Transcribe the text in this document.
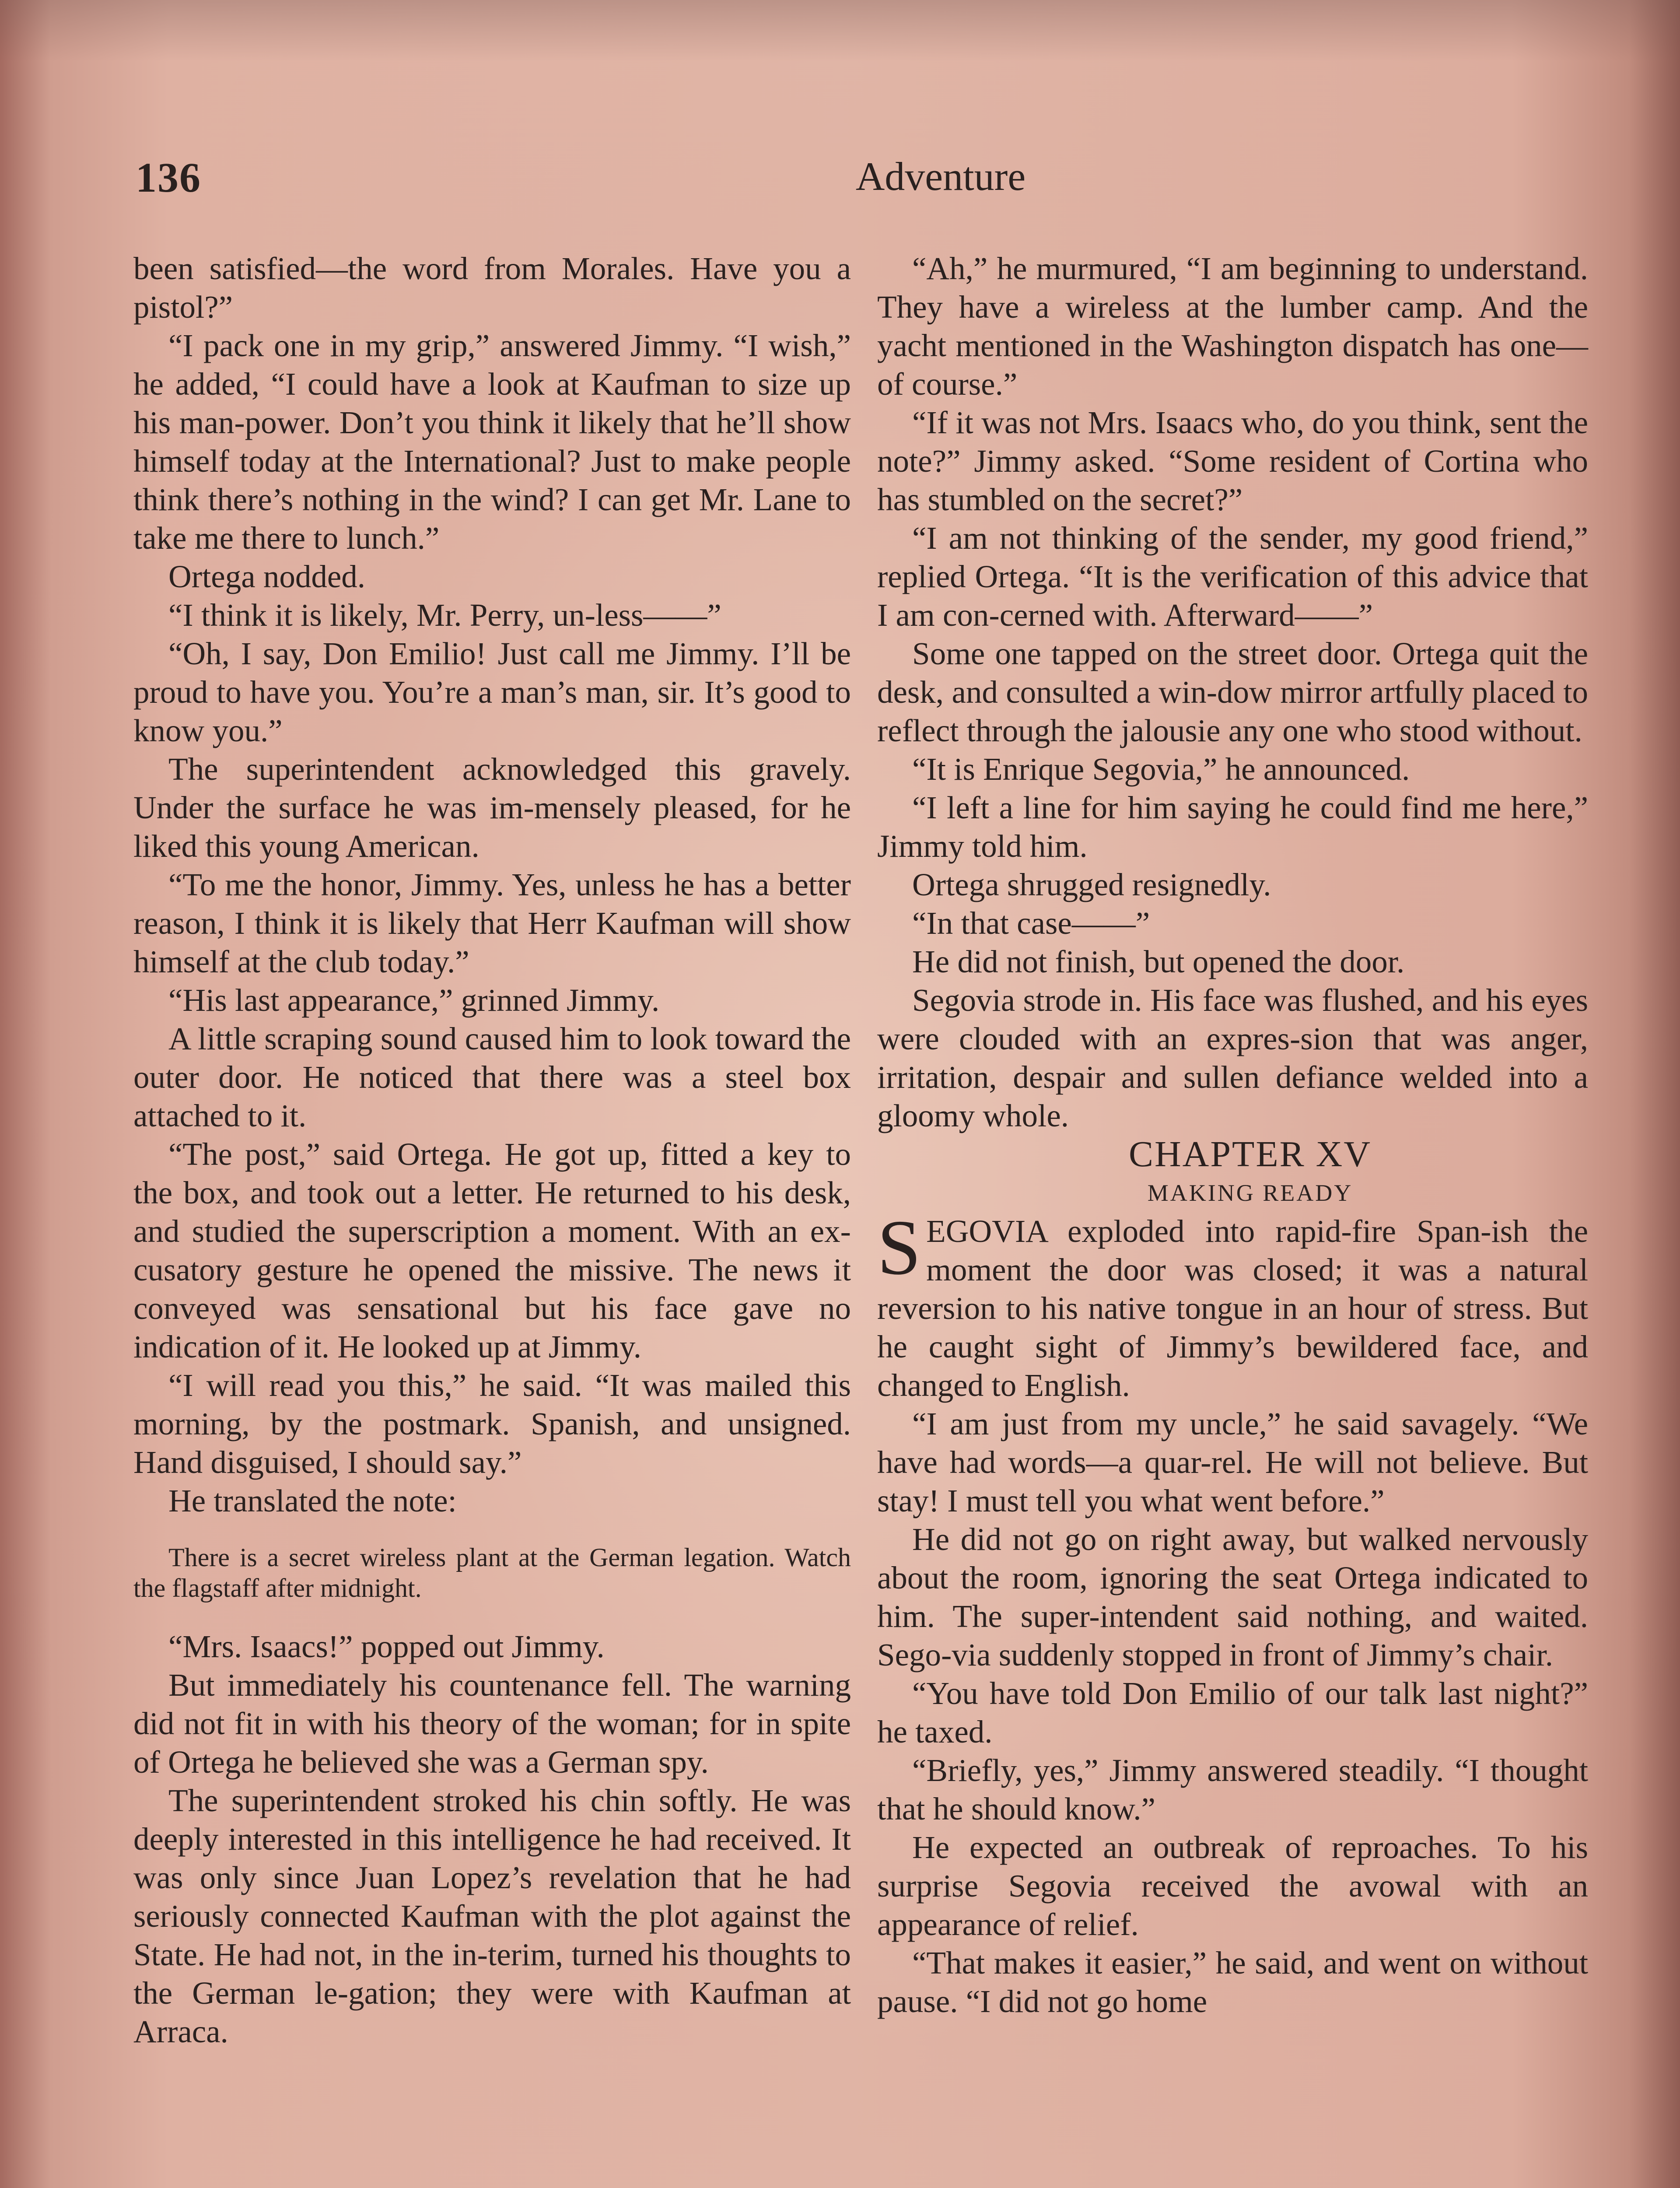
136	Adventure

been satisfied—the word from Morales. Have you a pistol?”

“I pack one in my grip,” answered Jimmy. “I wish,” he added, “I could have a look at Kaufman to size up his man-power. Don’t you think it likely that he’ll show himself today at the International? Just to make people think there’s nothing in the wind? I can get Mr. Lane to take me there to lunch.”

Ortega nodded.

“I think it is likely, Mr. Perry, un-less——”

“Oh, I say, Don Emilio! Just call me Jimmy. I’ll be proud to have you. You’re a man’s man, sir. It’s good to know you.”

The superintendent acknowledged this gravely. Under the surface he was im-mensely pleased, for he liked this young American.

“To me the honor, Jimmy. Yes, unless he has a better reason, I think it is likely that Herr Kaufman will show himself at the club today.”

“His last appearance,” grinned Jimmy.

A little scraping sound caused him to look toward the outer door. He noticed that there was a steel box attached to it.

“The post,” said Ortega. He got up, fitted a key to the box, and took out a letter. He returned to his desk, and studied the superscription a moment. With an ex-cusatory gesture he opened the missive. The news it conveyed was sensational but his face gave no indication of it. He looked up at Jimmy.

“I will read you this,” he said. “It was mailed this morning, by the postmark. Spanish, and unsigned. Hand disguised, I should say.”

He translated the note:

There is a secret wireless plant at the German legation. Watch the flagstaff after midnight.

“Mrs. Isaacs!” popped out Jimmy.

But immediately his countenance fell. The warning did not fit in with his theory of the woman; for in spite of Ortega he believed she was a German spy.

The superintendent stroked his chin softly. He was deeply interested in this intelligence he had received. It was only since Juan Lopez’s revelation that he had seriously connected Kaufman with the plot against the State. He had not, in the in-terim, turned his thoughts to the German le-gation; they were with Kaufman at Arraca.

“Ah,” he murmured, “I am beginning to understand. They have a wireless at the lumber camp. And the yacht mentioned in the Washington dispatch has one—of course.”

“If it was not Mrs. Isaacs who, do you think, sent the note?” Jimmy asked. “Some resident of Cortina who has stumbled on the secret?”

“I am not thinking of the sender, my good friend,” replied Ortega. “It is the verification of this advice that I am con-cerned with. Afterward——”

Some one tapped on the street door. Ortega quit the desk, and consulted a win-dow mirror artfully placed to reflect through the jalousie any one who stood without.

“It is Enrique Segovia,” he announced.

“I left a line for him saying he could find me here,” Jimmy told him.

Ortega shrugged resignedly.

“In that case——”

He did not finish, but opened the door.

Segovia strode in. His face was flushed, and his eyes were clouded with an expres-sion that was anger, irritation, despair and sullen defiance welded into a gloomy whole.

CHAPTER XV

MAKING READY

SEGOVIA exploded into rapid-fire Span-ish the moment the door was closed; it was a natural reversion to his native tongue in an hour of stress. But he caught sight of Jimmy’s bewildered face, and changed to English.

“I am just from my uncle,” he said savagely. “We have had words—a quar-rel. He will not believe. But stay! I must tell you what went before.”

He did not go on right away, but walked nervously about the room, ignoring the seat Ortega indicated to him. The super-intendent said nothing, and waited. Sego-via suddenly stopped in front of Jimmy’s chair.

“You have told Don Emilio of our talk last night?” he taxed.

“Briefly, yes,” Jimmy answered steadily. “I thought that he should know.”

He expected an outbreak of reproaches. To his surprise Segovia received the avowal with an appearance of relief.

“That makes it easier,” he said, and went on without pause. “I did not go home
